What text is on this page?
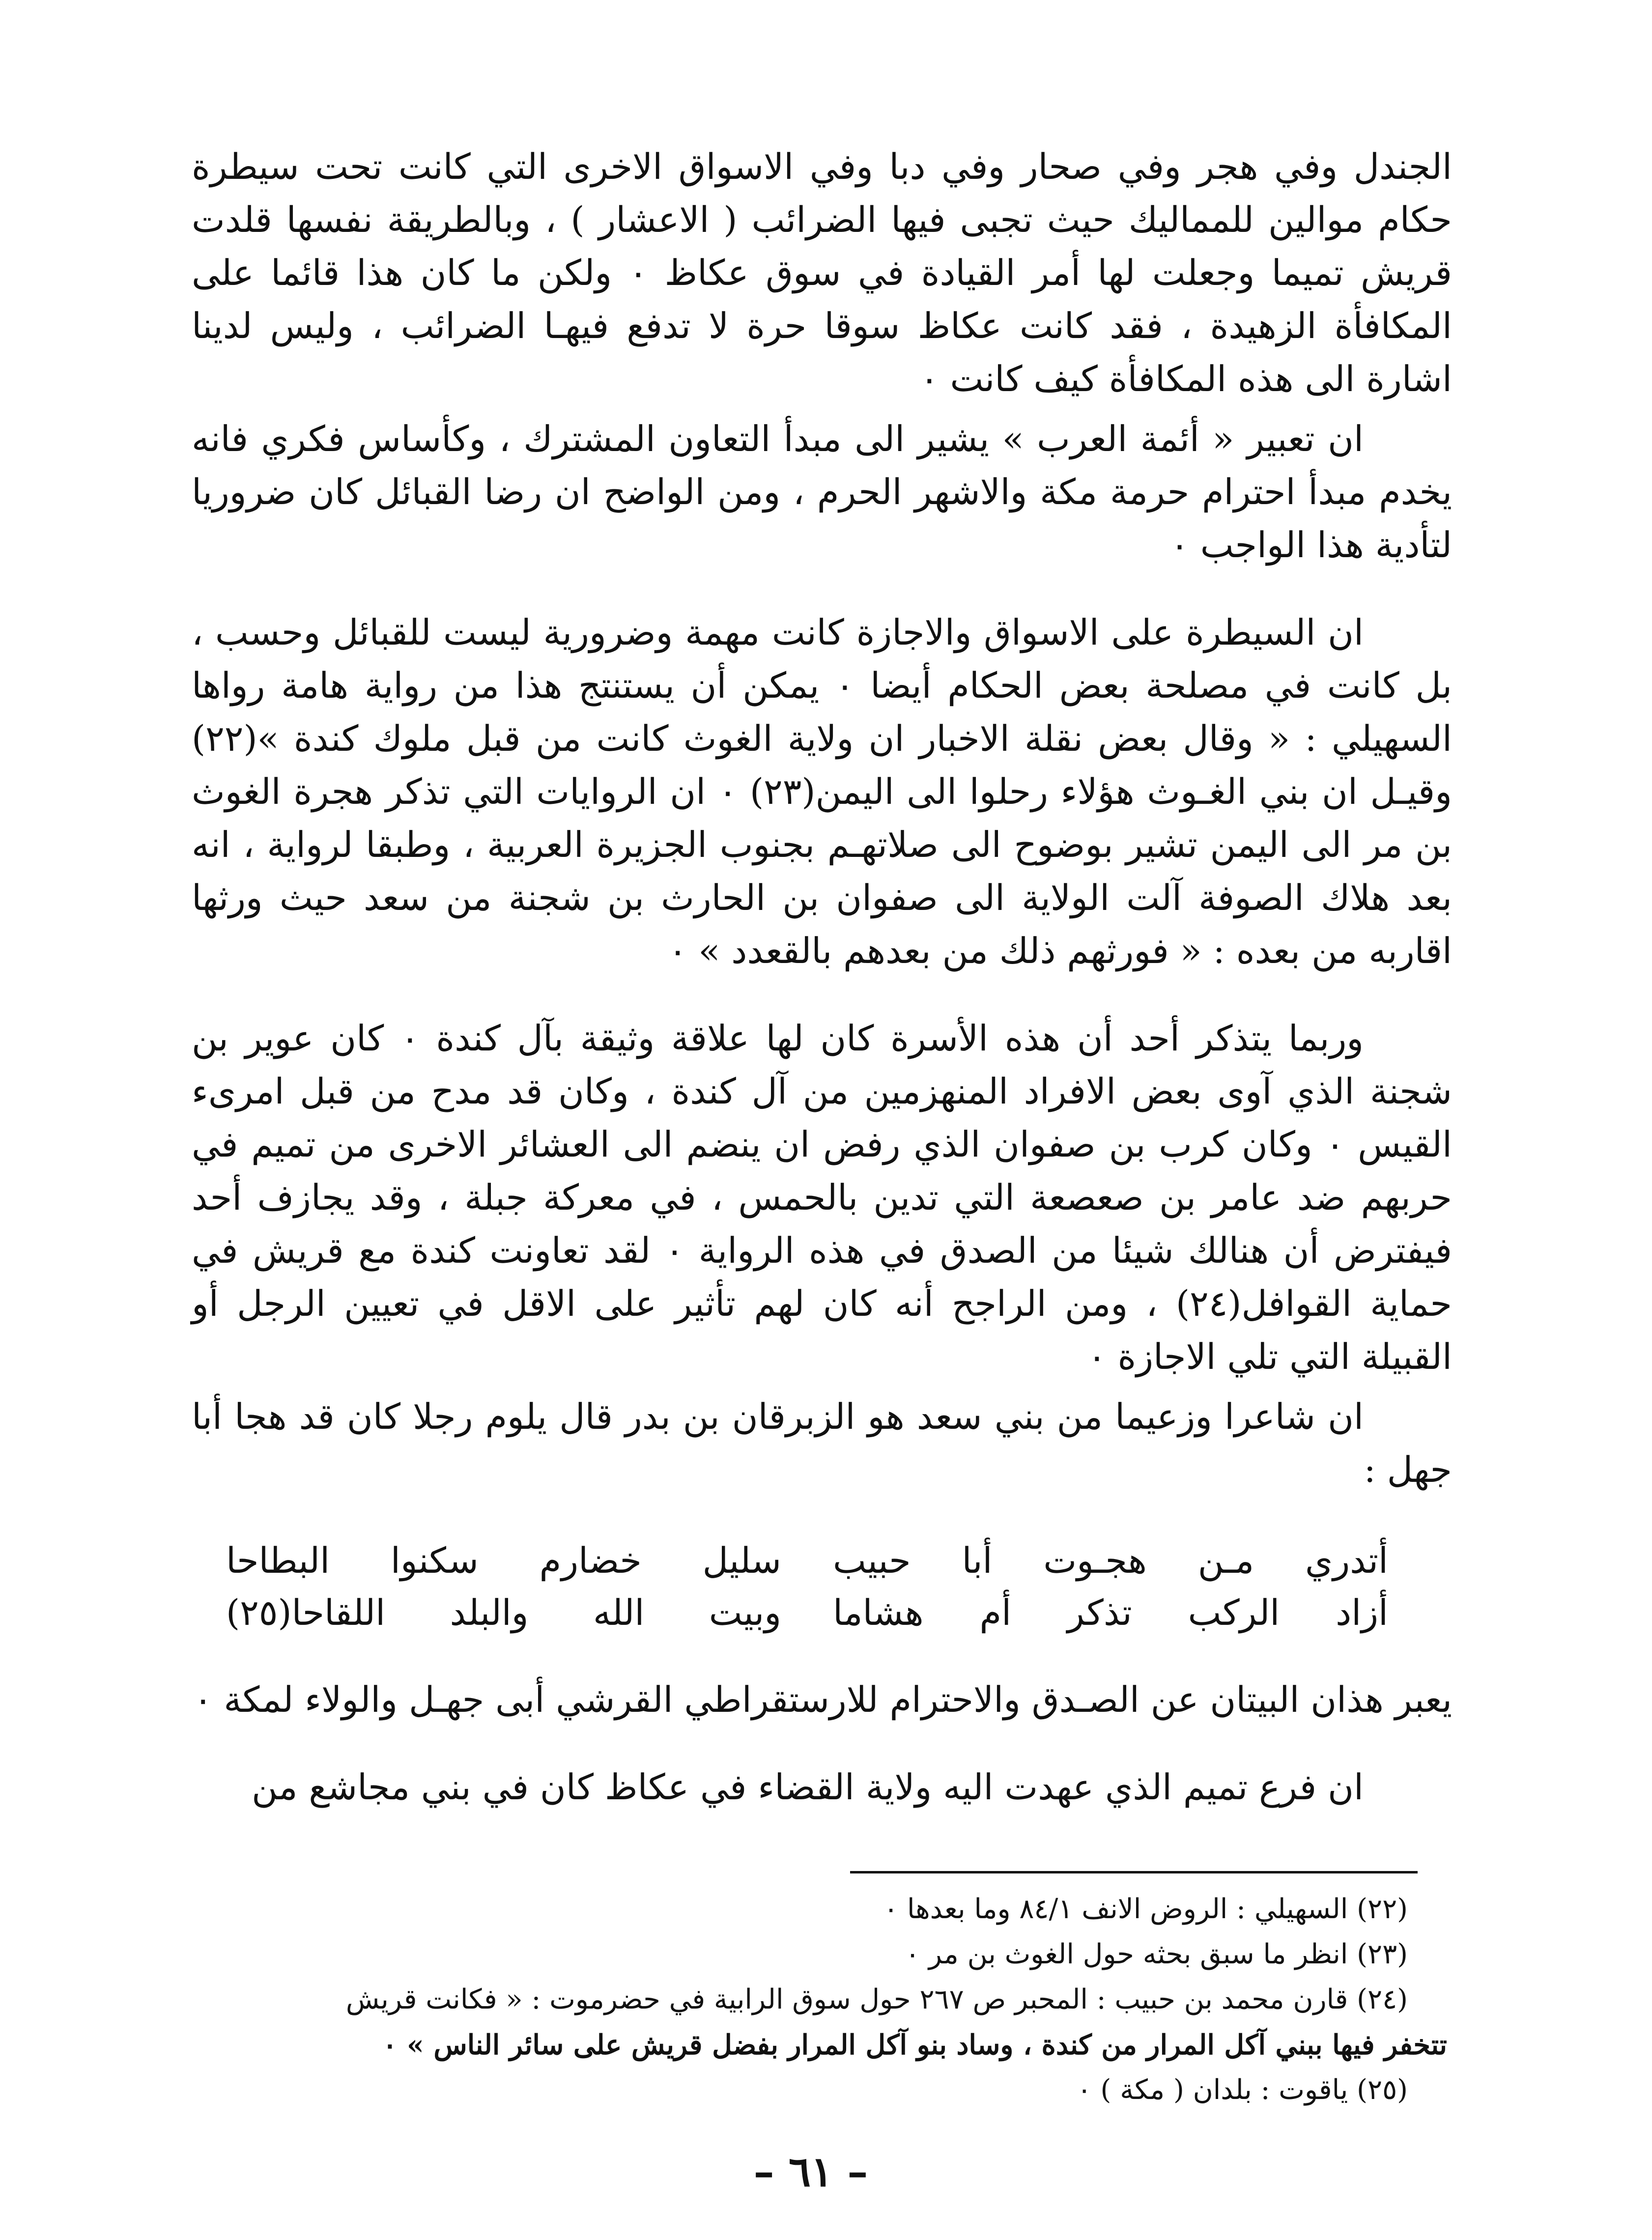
الجندل وفي هجر وفي صحار وفي دبا وفي الاسواق الاخرى التي كانت تحت سيطرة حكام موالين للمماليك حيث تجبى فيها الضرائب ( الاعشار ) ، وبالطريقة نفسها قلدت قريش تميما وجعلت لها أمر القيادة في سوق عكاظ ٠ ولكن ما كان هذا قائما على المكافأة الزهيدة ، فقد كانت عكاظ سوقا حرة لا تدفع فيهـا الضرائب ، وليس لدينا اشارة الى هذه المكافأة كيف كانت ٠

ان تعبير « أئمة العرب » يشير الى مبدأ التعاون المشترك ، وكأساس فكري فانه يخدم مبدأ احترام حرمة مكة والاشهر الحرم ، ومن الواضح ان رضا القبائل كان ضروريا لتأدية هذا الواجب ٠

ان السيطرة على الاسواق والاجازة كانت مهمة وضرورية ليست للقبائل وحسب ، بل كانت في مصلحة بعض الحكام أيضا ٠ يمكن أن يستنتج هذا من رواية هامة رواها السهيلي : « وقال بعض نقلة الاخبار ان ولاية الغوث كانت من قبل ملوك كندة »(٢٢) وقيـل ان بني الغـوث هؤلاء رحلوا الى اليمن(٢٣) ٠ ان الروايات التي تذكر هجرة الغوث بن مر الى اليمن تشير بوضوح الى صلاتهـم بجنوب الجزيرة العربية ، وطبقا لرواية ، انه بعد هلاك الصوفة آلت الولاية الى صفوان بن الحارث بن شجنة من سعد حيث ورثها اقاربه من بعده : « فورثهم ذلك من بعدهم بالقعدد » ٠

وربما يتذكر أحد أن هذه الأسرة كان لها علاقة وثيقة بآل كندة ٠ كان عوير بن شجنة الذي آوى بعض الافراد المنهزمين من آل كندة ، وكان قد مدح من قبل امرىء القيس ٠ وكان كرب بن صفوان الذي رفض ان ينضم الى العشائر الاخرى من تميم في حربهم ضد عامر بن صعصعة التي تدين بالحمس ، في معركة جبلة ، وقد يجازف أحد فيفترض أن هنالك شيئا من الصدق في هذه الرواية ٠ لقد تعاونت كندة مع قريش في حماية القوافل(٢٤) ، ومن الراجح أنه كان لهم تأثير على الاقل في تعيين الرجل أو القبيلة التي تلي الاجازة ٠

ان شاعرا وزعيما من بني سعد هو الزبرقان بن بدر قال يلوم رجلا كان قد هجا أبا جهل :

أتدري مـن هجـوت أبا حبيب
سليل خضارم سكنوا البطاحا
أزاد الركب تذكر أم هشاما
وبيت الله والبلد اللقاحا(٢٥)

يعبر هذان البيتان عن الصـدق والاحترام للارستقراطي القرشي أبى جهـل والولاء لمكة ٠

ان فرع تميم الذي عهدت اليه ولاية القضاء في عكاظ كان في بني مجاشع من

(٢٢) السهيلي : الروض الانف ٨٤/١ وما بعدها ٠

(٢٣) انظر ما سبق بحثه حول الغوث بن مر ٠

(٢٤) قارن محمد بن حبيب : المحبر ص ٢٦٧ حول سوق الرابية في حضرموت : « فكانت قريش

تتخفر فيها ببني آكل المرار من كندة ، وساد بنو آكل المرار بفضل قريش على سائر الناس » ٠

(٢٥) ياقوت : بلدان ( مكة ) ٠

– ٦١ –
